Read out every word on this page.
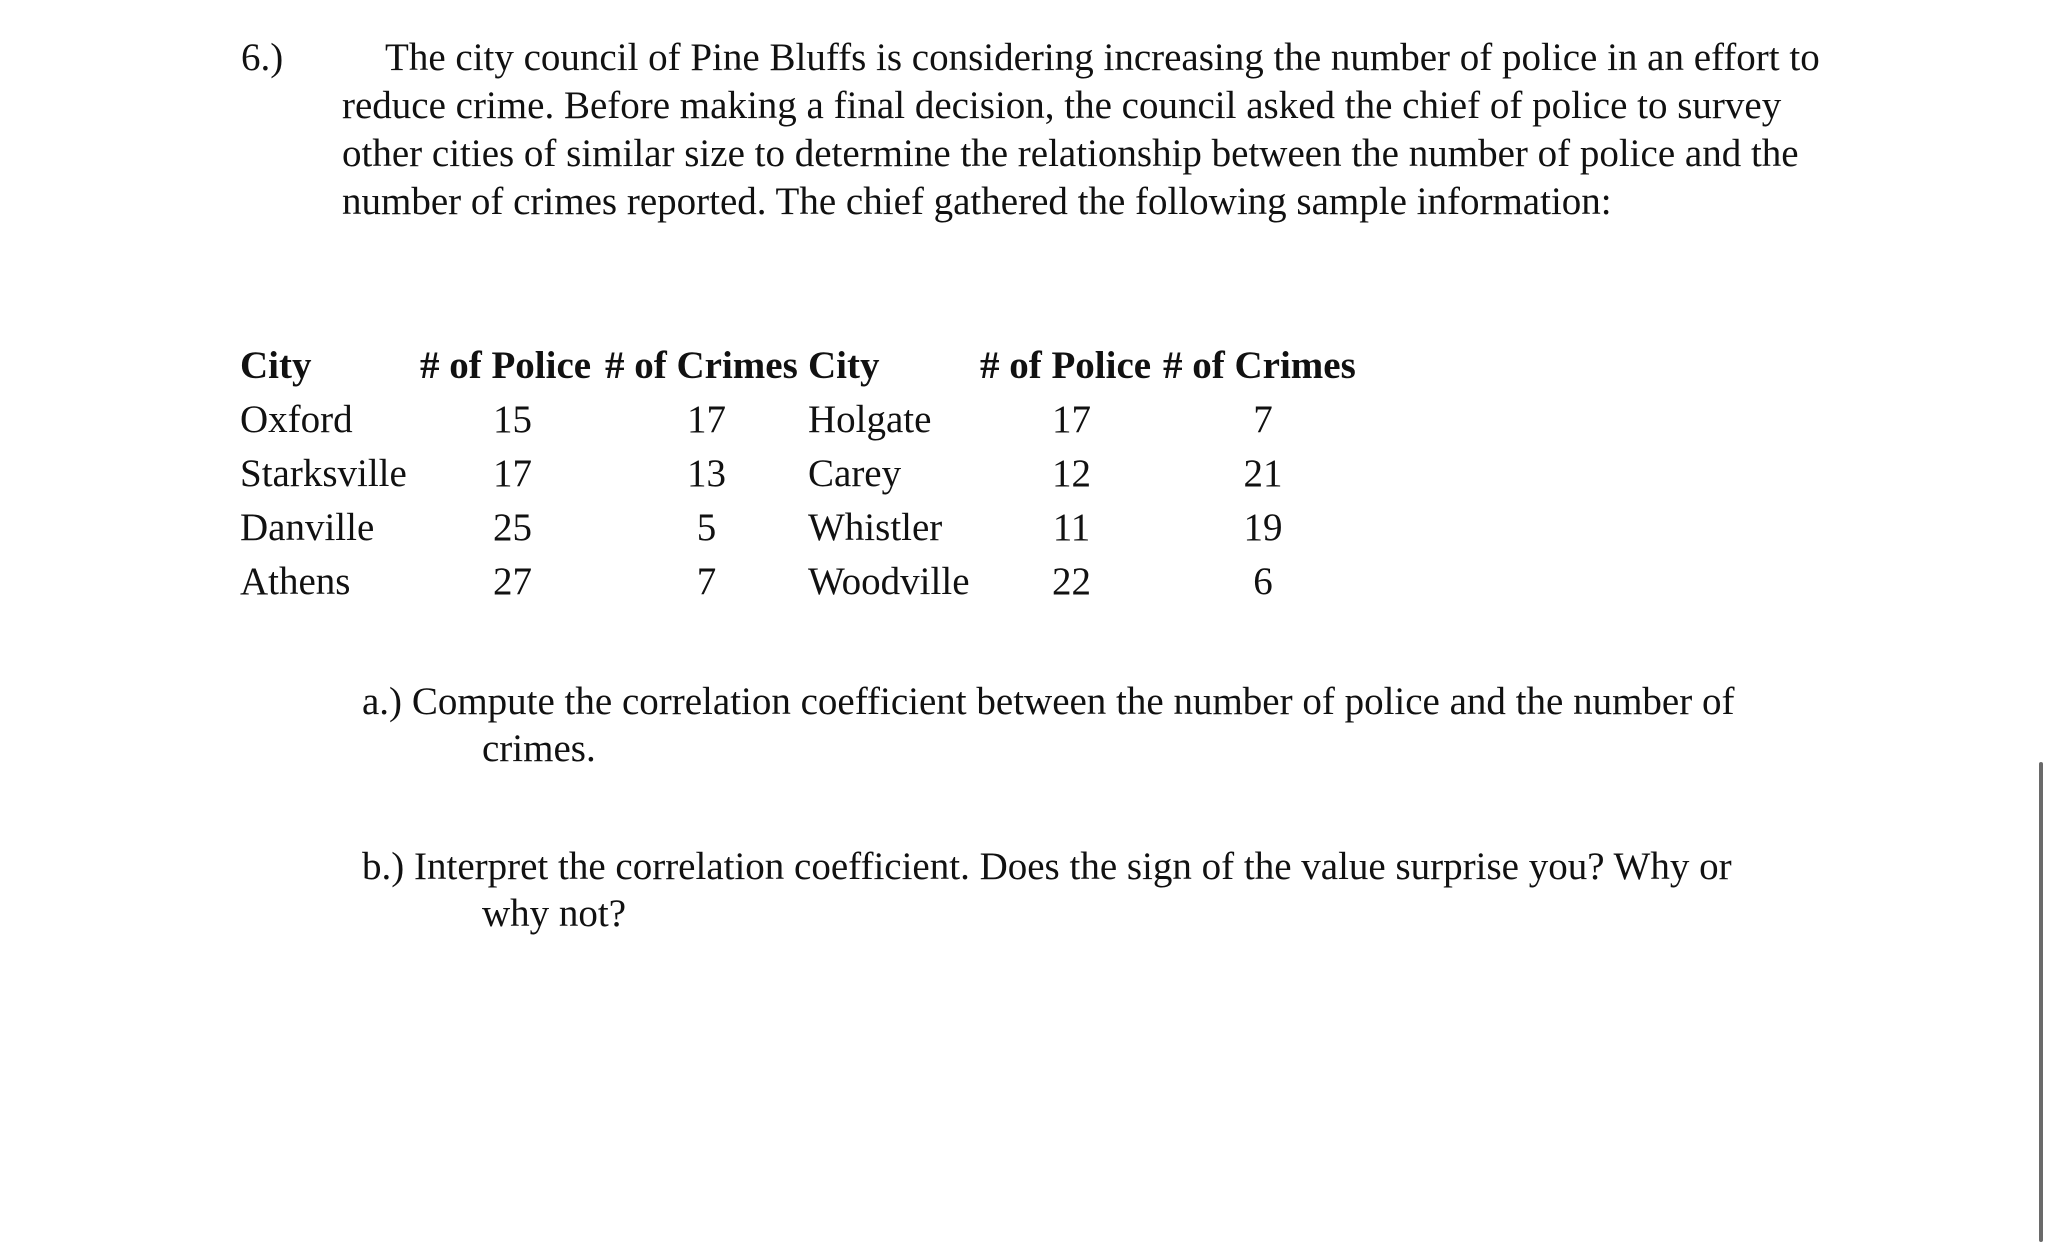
6.)	The city council of Pine Bluffs is considering increasing the number of police in an effort to reduce crime. Before making a final decision, the council asked the chief of police to survey other cities of similar size to determine the relationship between the number of police and the number of crimes reported. The chief gathered the following sample information:
City	# of Police	# of Crimes	City	# of Police	# of Crimes
Oxford	15	17	Holgate	17	7
Starksville	17	13	Carey	12	21
Danville	25	5	Whistler	11	19
Athens	27	7	Woodville	22	6
a.) Compute the correlation coefficient between the number of police and the number of
crimes.
b.) Interpret the correlation coefficient. Does the sign of the value surprise you? Why or
why not?
